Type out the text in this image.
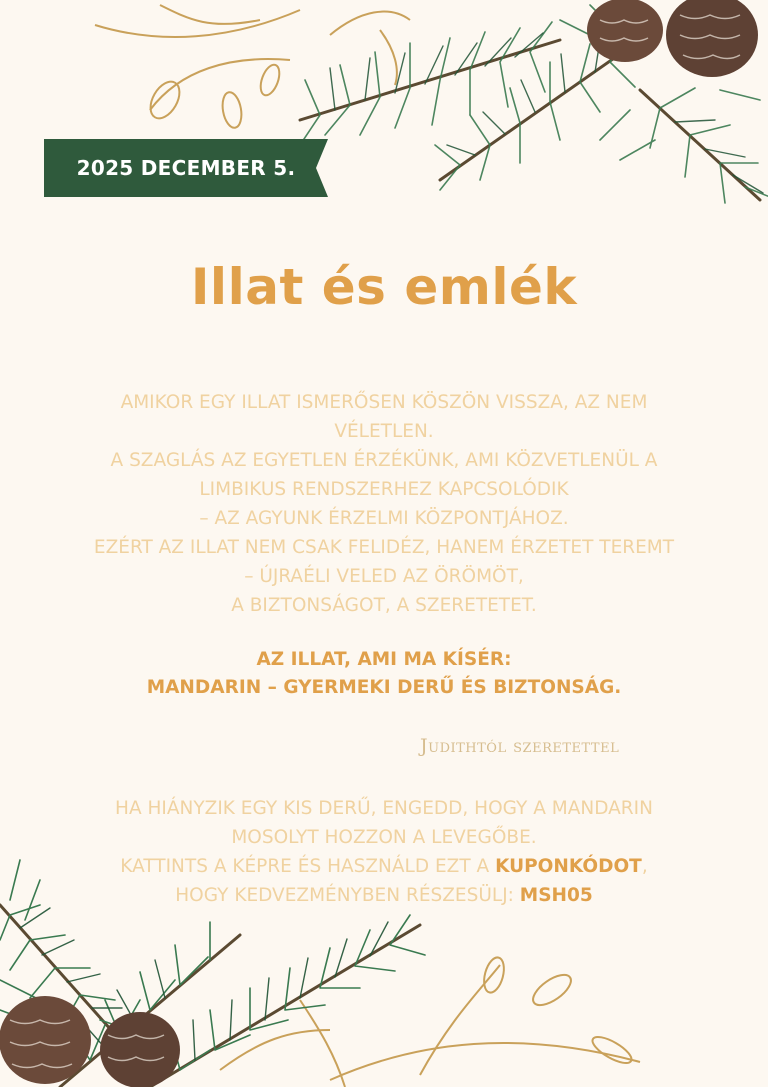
2025 DECEMBER 5.
Illat és emlék
AMIKOR EGY ILLAT ISMERŐSEN KÖSZÖN VISSZA, AZ NEM
VÉLETLEN.
A SZAGLÁS AZ EGYETLEN ÉRZÉKÜNK, AMI KÖZVETLENÜL A
LIMBIKUS RENDSZERHEZ KAPCSOLÓDIK
– AZ AGYUNK ÉRZELMI KÖZPONTJÁHOZ.
EZÉRT AZ ILLAT NEM CSAK FELIDÉZ, HANEM ÉRZETET TEREMT
– ÚJRAÉLI VELED AZ ÖRÖMÖT,
A BIZTONSÁGOT, A SZERETETET.
AZ ILLAT, AMI MA KÍSÉR:
MANDARIN – GYERMEKI DERŰ ÉS BIZTONSÁG.
Judithtól szeretettel
HA HIÁNYZIK EGY KIS DERŰ, ENGEDD, HOGY A MANDARIN
MOSOLYT HOZZON A LEVEGŐBE.
KATTINTS A KÉPRE ÉS HASZNÁLD EZT A KUPONKÓDOT,
HOGY KEDVEZMÉNYBEN RÉSZESÜLJ: MSH05
